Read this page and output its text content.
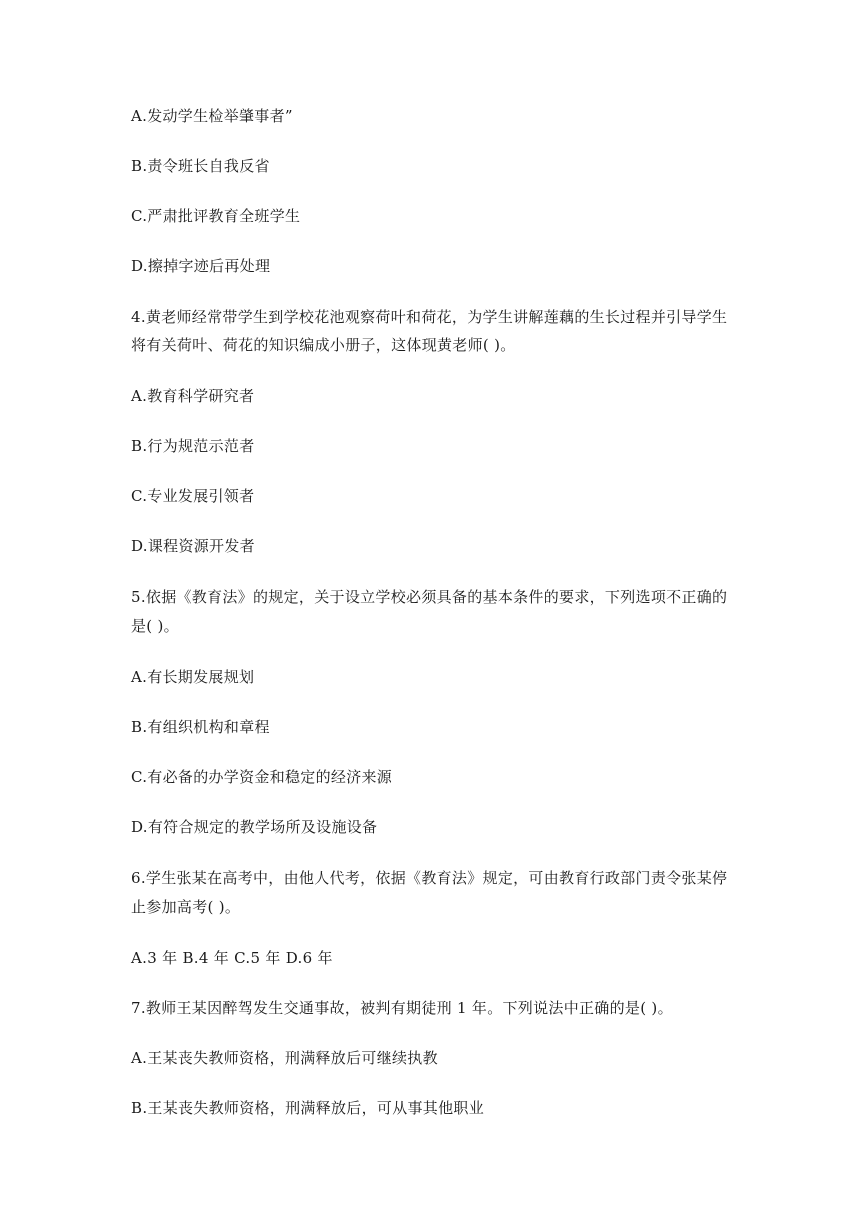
A.发动学生检举肇事者”
B.责令班长自我反省
C.严肃批评教育全班学生
D.擦掉字迹后再处理
4.黄老师经常带学生到学校花池观察荷叶和荷花，为学生讲解莲藕的生长过程并引导学生
将有关荷叶、荷花的知识编成小册子，这体现黄老师( )。
A.教育科学研究者
B.行为规范示范者
C.专业发展引领者
D.课程资源开发者
5.依据《教育法》的规定，关于设立学校必须具备的基本条件的要求，下列选项不正确的
是( )。
A.有长期发展规划
B.有组织机构和章程
C.有必备的办学资金和稳定的经济来源
D.有符合规定的教学场所及设施设备
6.学生张某在高考中，由他人代考，依据《教育法》规定，可由教育行政部门责令张某停
止参加高考( )。
A.3 年 B.4 年 C.5 年 D.6 年
7.教师王某因醉驾发生交通事故，被判有期徒刑 1 年。下列说法中正确的是( )。
A.王某丧失教师资格，刑满释放后可继续执教
B.王某丧失教师资格，刑满释放后，可从事其他职业
